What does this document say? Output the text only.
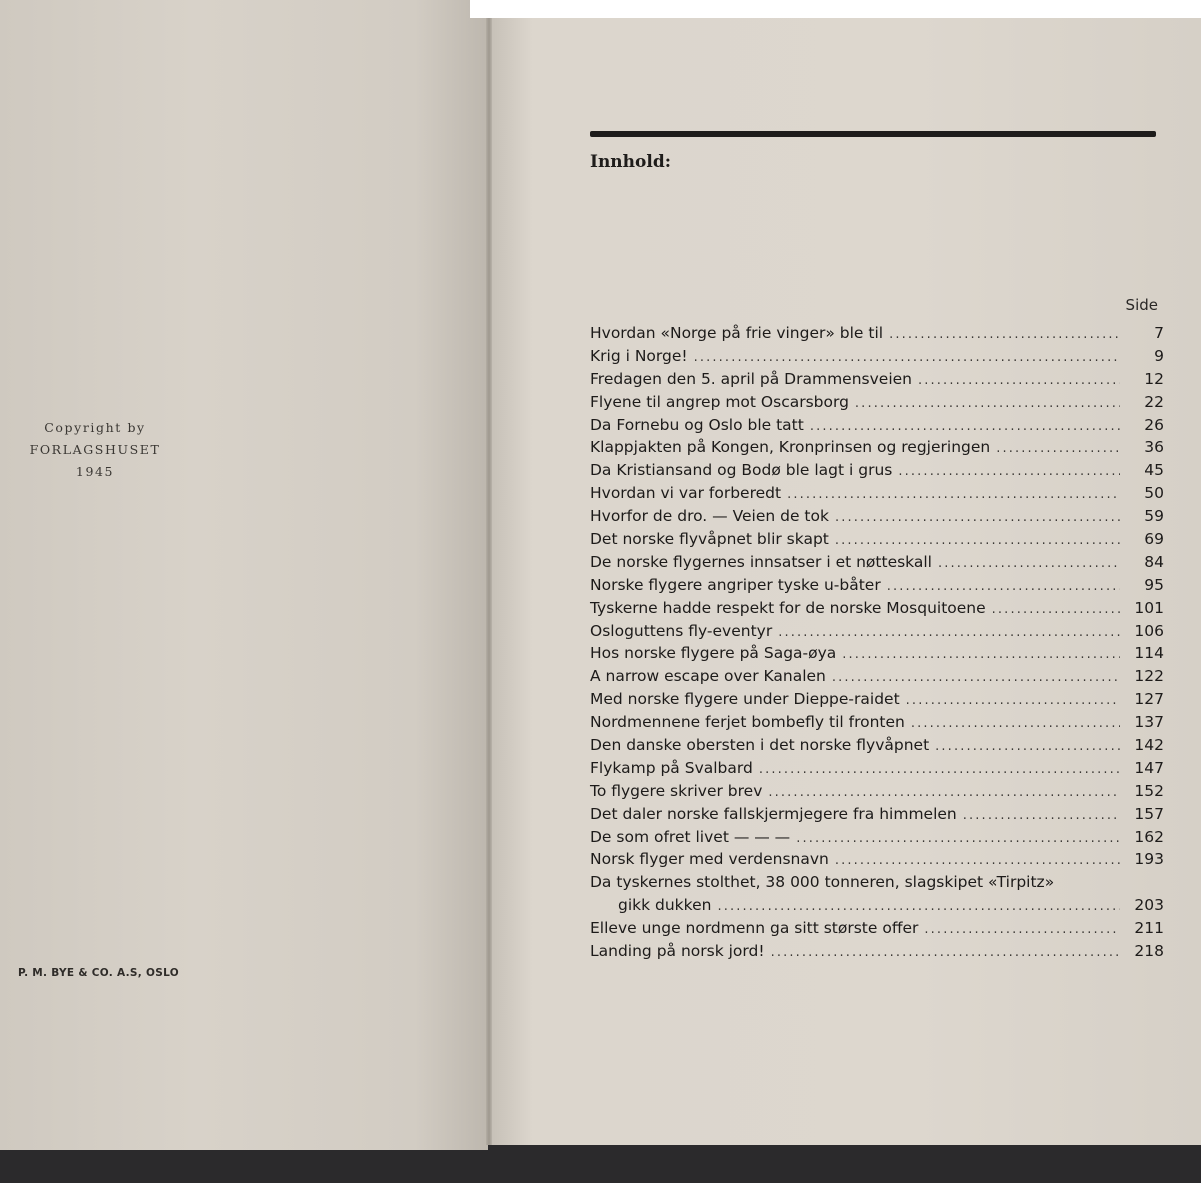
Copyright by
FORLAGSHUSET
1945
P. M. BYE & CO. A.S, OSLO
Innhold:
Side
Hvordan «Norge på frie vinger» ble til . . .	7
Krig i Norge! . . .	9
Fredagen den 5. april på Drammensveien . . .	12
Flyene til angrep mot Oscarsborg . . .	22
Da Fornebu og Oslo ble tatt . . .	26
Klappjakten på Kongen, Kronprinsen og regjeringen . . .	36
Da Kristiansand og Bodø ble lagt i grus . . .	45
Hvordan vi var forberedt . . .	50
Hvorfor de dro. — Veien de tok . . .	59
Det norske flyvåpnet blir skapt . . .	69
De norske flygernes innsatser i et nøtteskall . . .	84
Norske flygere angriper tyske u-båter . . .	95
Tyskerne hadde respekt for de norske Mosquitoene . . .	101
Osloguttens fly-eventyr . . .	106
Hos norske flygere på Saga-øya . . .	114
A narrow escape over Kanalen . . .	122
Med norske flygere under Dieppe-raidet . . .	127
Nordmennene ferjet bombefly til fronten . . .	137
Den danske obersten i det norske flyvåpnet . . .	142
Flykamp på Svalbard . . .	147
To flygere skriver brev . . .	152
Det daler norske fallskjermjegere fra himmelen . . .	157
De som ofret livet — — — . . .	162
Norsk flyger med verdensnavn . . .	193
Da tyskernes stolthet, 38 000 tonneren, slagskipet «Tirpitz»
gikk dukken . . .	203
Elleve unge nordmenn ga sitt største offer . . .	211
Landing på norsk jord! . . .	218
